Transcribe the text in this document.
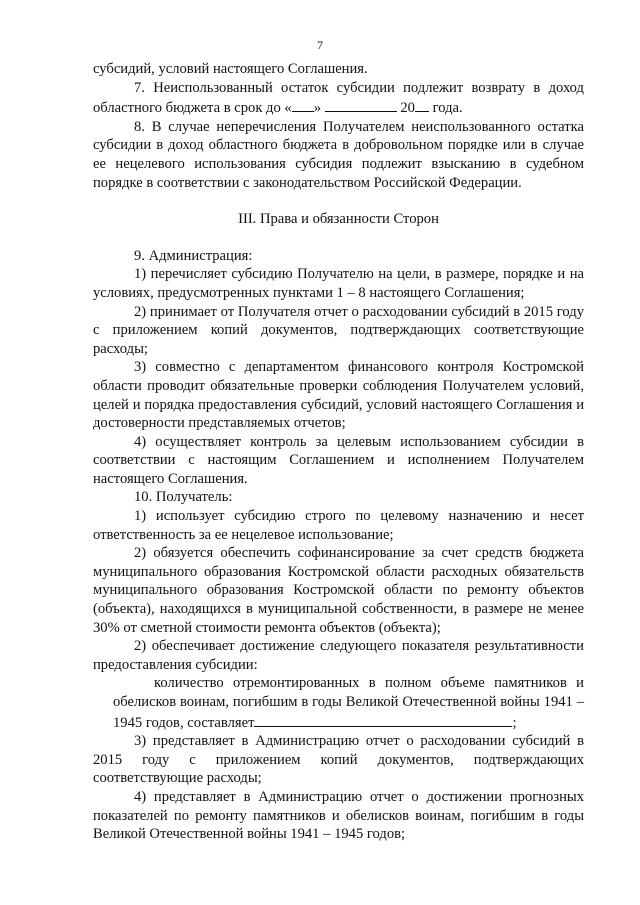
7

субсидий, условий настоящего Соглашения.

7. Неиспользованный остаток субсидии подлежит возврату в доход областного бюджета в срок до « »	20 года.

8. В случае неперечисления Получателем неиспользованного остатка субсидии в доход областного бюджета в добровольном порядке или в случае ее нецелевого использования субсидия подлежит взысканию в судебном порядке в соответствии с законодательством Российской Федерации.

III. Права и обязанности Сторон

9. Администрация:

1) перечисляет субсидию Получателю на цели, в размере, порядке и на условиях, предусмотренных пунктами 1 – 8 настоящего Соглашения;

2) принимает от Получателя отчет о расходовании субсидий в 2015 году с приложением копий документов, подтверждающих соответствующие расходы;

3) совместно с департаментом финансового контроля Костромской области проводит обязательные проверки соблюдения Получателем условий, целей и порядка предоставления субсидий, условий настоящего Соглашения и достоверности представляемых отчетов;

4) осуществляет контроль за целевым использованием субсидии в соответствии с настоящим Соглашением и исполнением Получателем настоящего Соглашения.

10. Получатель:

1) использует субсидию строго по целевому назначению и несет ответственность за ее нецелевое использование;

2) обязуется обеспечить софинансирование за счет средств бюджета муниципального образования Костромской области расходных обязательств муниципального образования Костромской области по ремонту объектов (объекта), находящихся в муниципальной собственности, в размере не менее 30% от сметной стоимости ремонта объектов (объекта);

2) обеспечивает достижение следующего показателя результативности предоставления субсидии:

количество отремонтированных в полном объеме памятников и обелисков воинам, погибшим в годы Великой Отечественной войны 1941 – 1945 годов, составляет	;

3) представляет в Администрацию отчет о расходовании субсидий в 2015 году с приложением копий документов, подтверждающих соответствующие расходы;

4) представляет в Администрацию отчет о достижении прогнозных показателей по ремонту памятников и обелисков воинам, погибшим в годы Великой Отечественной войны 1941 – 1945 годов;
